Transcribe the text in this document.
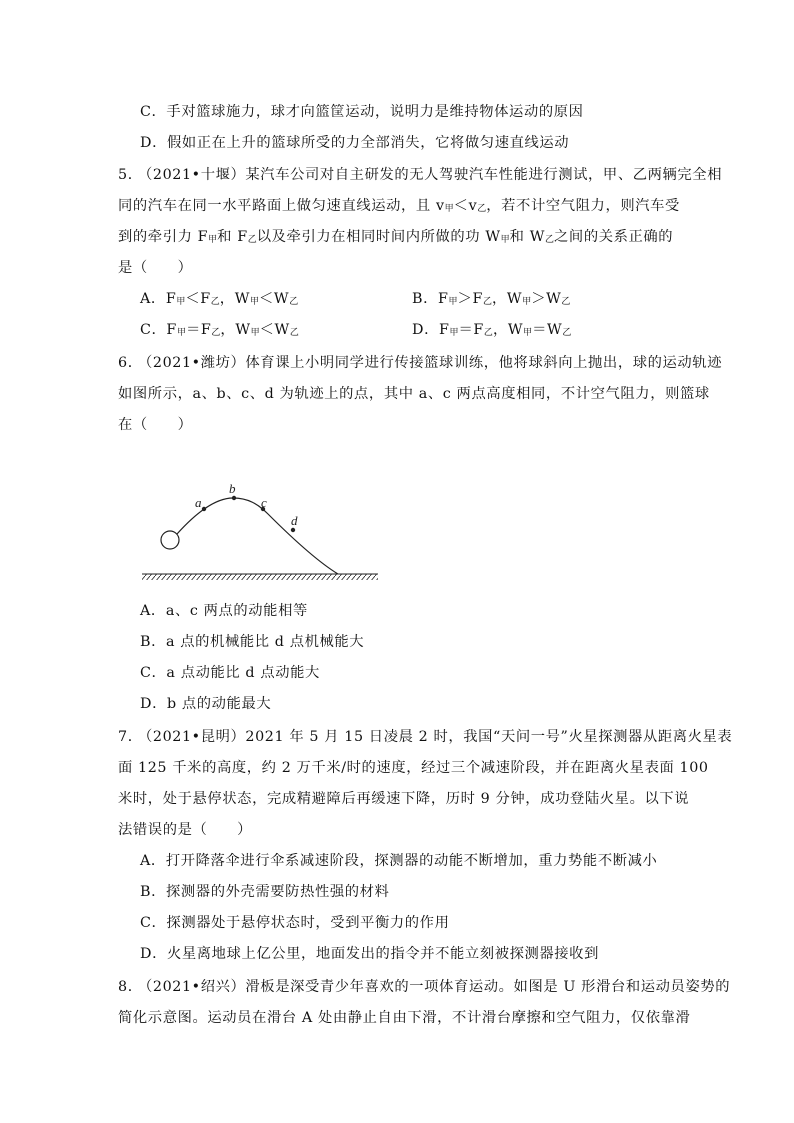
C．手对篮球施力，球才向篮筐运动，说明力是维持物体运动的原因
D．假如正在上升的篮球所受的力全部消失，它将做匀速直线运动
5．
（2021•十堰）某汽车公司对自主研发的无人驾驶汽车性能进行测试，甲、乙两辆完全相
同的汽车在同一水平路面上做匀速直线运动，且 $v_甲<v_乙$，若不计空气阻力，则汽车受
到的牵引力 $F_甲$和 $F_乙$以及牵引力在相同时间内所做的功 $W_甲$和 $W_乙$之间的关系正确的
是（　　）
A．$F_甲<F_乙$，$W_甲<W_乙$	B．$F_甲>F_乙$，$W_甲>W_乙$
C．$F_甲=F_乙$，$W_甲<W_乙$	D．$F_甲=F_乙$，$W_甲=W_乙$
6．
（2021•潍坊）体育课上小明同学进行传接篮球训练，他将球斜向上抛出，球的运动轨迹
如图所示，a、b、c、d 为轨迹上的点，其中 a、c 两点高度相同，不计空气阻力，则篮球
在（　　）
a
b
c
d
A．a、c 两点的动能相等
B．a 点的机械能比 d 点机械能大
C．a 点动能比 d 点动能大
D．b 点的动能最大
7．
（2021•昆明）2021 年 5 月 15 日凌晨 2 时，我国“天问一号”火星探测器从距离火星表
面 125 千米的高度，约 2 万千米/时的速度，经过三个减速阶段，并在距离火星表面 100
米时，处于悬停状态，完成精避障后再缓速下降，历时 9 分钟，成功登陆火星。以下说
法错误的是（　　）
A．打开降落伞进行伞系减速阶段，探测器的动能不断增加，重力势能不断减小
B．探测器的外壳需要防热性强的材料
C．探测器处于悬停状态时，受到平衡力的作用
D．火星离地球上亿公里，地面发出的指令并不能立刻被探测器接收到
8．
（2021•绍兴）滑板是深受青少年喜欢的一项体育运动。如图是 U 形滑台和运动员姿势的
简化示意图。运动员在滑台 A 处由静止自由下滑，不计滑台摩擦和空气阻力，仅依靠滑
